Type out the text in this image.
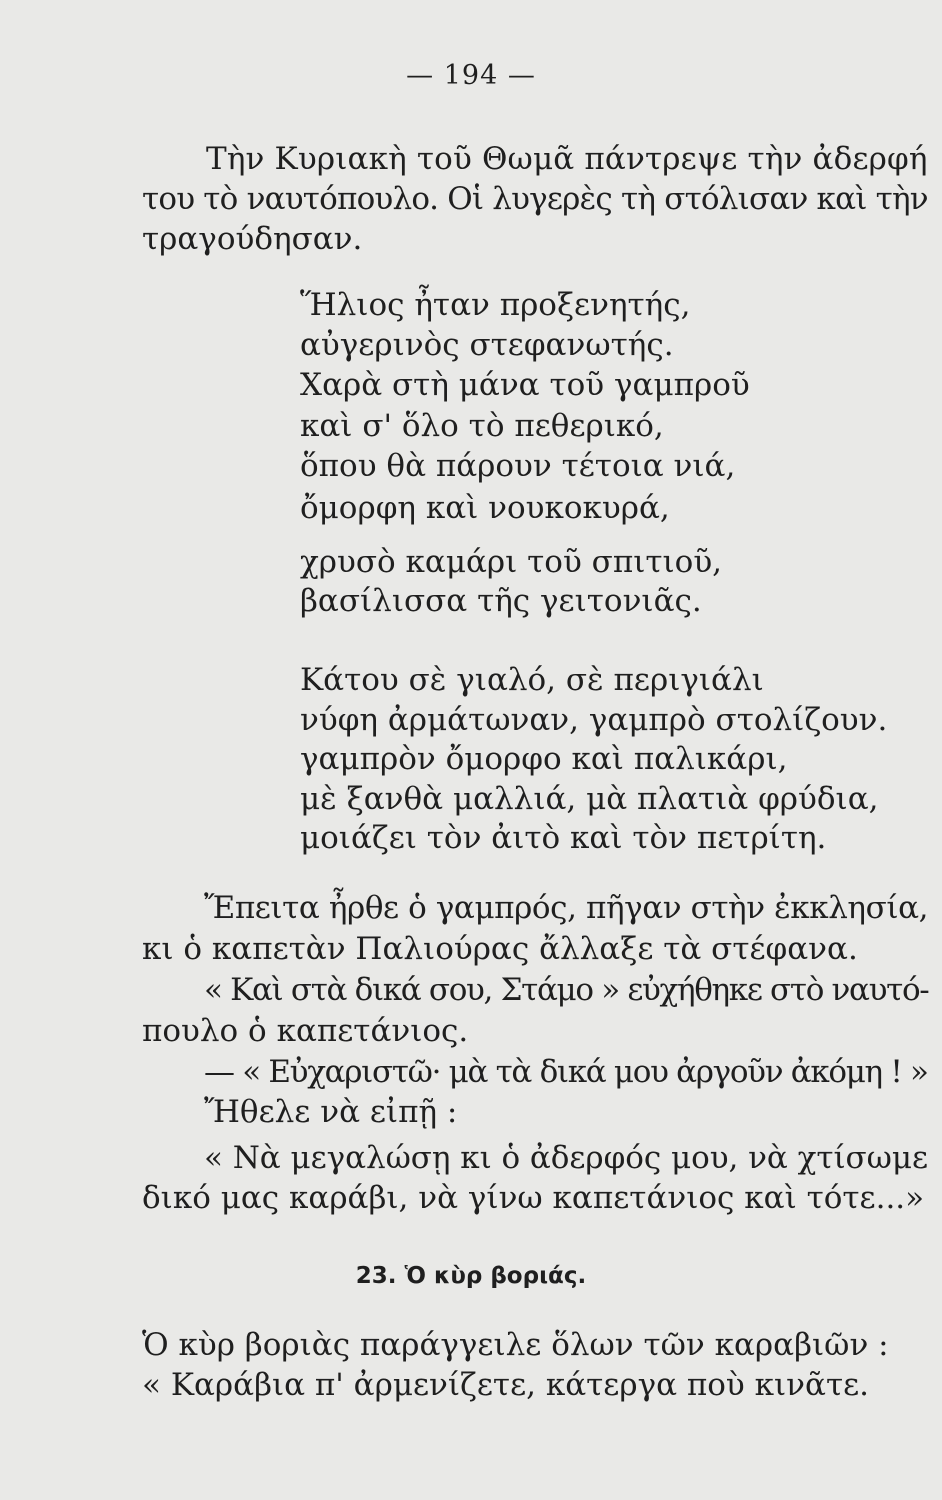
— 194 —
Τὴν Κυριακὴ τοῦ Θωμᾶ πάντρεψε τὴν ἀδερφή
του τὸ ναυτόπουλο. Οἱ λυγερὲς τὴ στόλισαν καὶ τὴν
τραγούδησαν.
Ἥλιος ἦταν προξενητής,
αὐγερινὸς στεφανωτής.
Χαρὰ στὴ μάνα τοῦ γαμπροῦ
καὶ σ' ὅλο τὸ πεθερικό,
ὅπου θὰ πάρουν τέτοια νιά,
ὄμορφη καὶ νουκοκυρά,
χρυσὸ καμάρι τοῦ σπιτιοῦ,
βασίλισσα τῆς γειτονιᾶς.
Κάτου σὲ γιαλό, σὲ περιγιάλι
νύφη ἀρμάτωναν, γαμπρὸ στολίζουν.
γαμπρὸν ὄμορφο καὶ παλικάρι,
μὲ ξανθὰ μαλλιά, μὰ πλατιὰ φρύδια,
μοιάζει τὸν ἀιτὸ καὶ τὸν πετρίτη.
Ἔπειτα ἦρθε ὁ γαμπρός, πῆγαν στὴν ἐκκλησία,
κι ὁ καπετὰν Παλιούρας ἄλλαξε τὰ στέφανα.
« Καὶ στὰ δικά σου, Στάμο » εὐχήθηκε στὸ ναυτό-
πουλο ὁ καπετάνιος.
— « Εὐχαριστῶ· μὰ τὰ δικά μου ἀργοῦν ἀκόμη ! »
Ἤθελε νὰ εἰπῇ :
« Νὰ μεγαλώσῃ κι ὁ ἀδερφός μου, νὰ χτίσωμε
δικό μας καράβι, νὰ γίνω καπετάνιος καὶ τότε...»
23. Ὁ κὺρ βοριάς.
Ὁ κὺρ βοριὰς παράγγειλε ὅλων τῶν καραβιῶν :
« Καράβια π' ἀρμενίζετε, κάτεργα ποὺ κινᾶτε.
